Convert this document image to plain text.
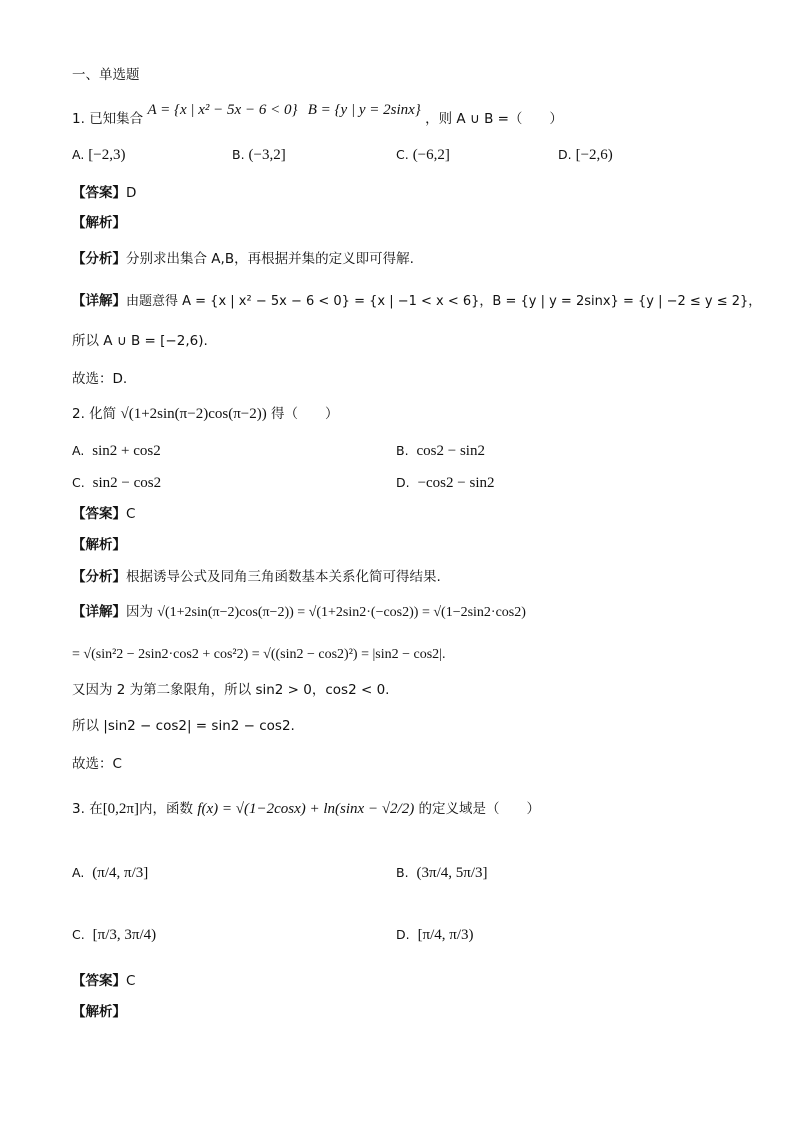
一、单选题
1. 已知集合 A = {x | x² − 5x − 6 < 0} B = {y | y = 2sinx} ，则 A ∪ B =（　　）
A. [−2,3)	B. (−3,2]	C. (−6,2]	D. [−2,6)
【答案】D
【解析】
【分析】分别求出集合 A,B，再根据并集的定义即可得解.
【详解】由题意得 A = {x | x² − 5x − 6 < 0} = {x | −1 < x < 6}，B = {y | y = 2sinx} = {y | −2 ≤ y ≤ 2}，
所以 A ∪ B = [−2,6).
故选：D.
2. 化简 √(1+2sin(π−2)cos(π−2)) 得（　　）
A. sin2 + cos2	B. cos2 − sin2
C. sin2 − cos2	D. −cos2 − sin2
【答案】C
【解析】
【分析】根据诱导公式及同角三角函数基本关系化简可得结果.
【详解】因为 √(1+2sin(π−2)cos(π−2)) = √(1+2sin2·(−cos2)) = √(1−2sin2·cos2)
= √(sin²2 − 2sin2·cos2 + cos²2) = √((sin2 − cos2)²) = |sin2 − cos2|.
又因为 2 为第二象限角，所以 sin2 > 0，cos2 < 0.
所以 |sin2 − cos2| = sin2 − cos2.
故选：C
3. 在[0,2π]内，函数 f(x) = √(1−2cosx) + ln(sinx − √2/2) 的定义域是（　　）
A. (π/4, π/3]	B. (3π/4, 5π/3]
C. [π/3, 3π/4)	D. [π/4, π/3)
【答案】C
【解析】
